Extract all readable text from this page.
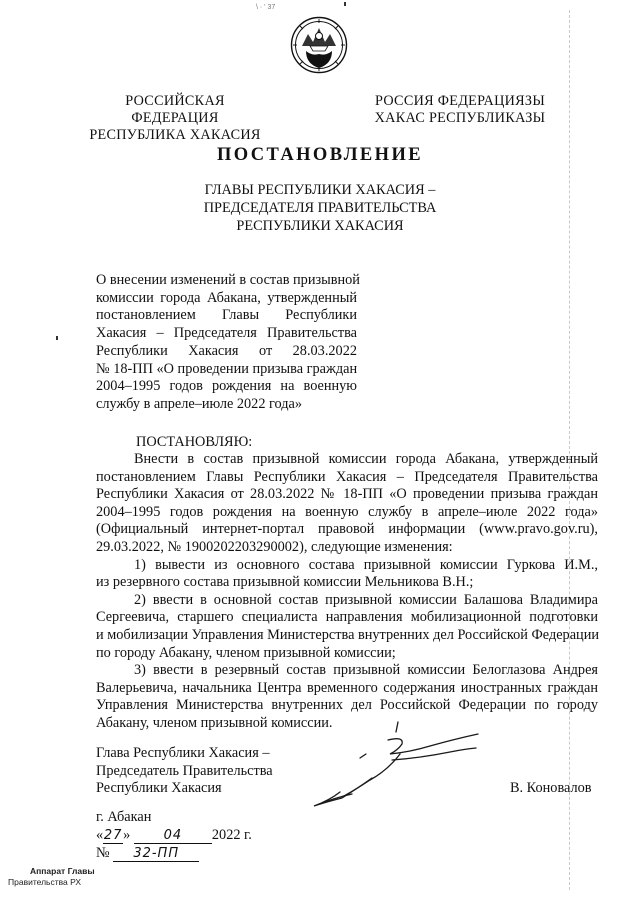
\ · ' 37
РОССИЙСКАЯ ФЕДЕРАЦИЯ
РЕСПУБЛИКА ХАКАСИЯ
РОССИЯ ФЕДЕРАЦИЯЗЫ
ХАКАС РЕСПУБЛИКАЗЫ
ПОСТАНОВЛЕНИЕ
ГЛАВЫ РЕСПУБЛИКИ ХАКАСИЯ –
ПРЕДСЕДАТЕЛЯ ПРАВИТЕЛЬСТВА
РЕСПУБЛИКИ ХАКАСИЯ
О внесении изменений в состав призывной
комиссии города Абакана, утвержденный
постановлением Главы Республики
Хакасия – Председателя Правительства
Республики Хакасия от 28.03.2022
№ 18-ПП «О проведении призыва граждан
2004–1995 годов рождения на военную
службу в апреле–июле 2022 года»
ПОСТАНОВЛЯЮ:
Внести в состав призывной комиссии города Абакана, утвержденный
постановлением Главы Республики Хакасия – Председателя Правительства
Республики Хакасия от 28.03.2022 № 18-ПП «О проведении призыва граждан
2004–1995 годов рождения на военную службу в апреле–июле 2022 года»
(Официальный интернет-портал правовой информации (www.pravo.gov.ru),
29.03.2022, № 1900202203290002), следующие изменения:
1) вывести из основного состава призывной комиссии Гуркова И.М.,
из резервного состава призывной комиссии Мельникова В.Н.;
2) ввести в основной состав призывной комиссии Балашова Владимира
Сергеевича, старшего специалиста направления мобилизационной подготовки
и мобилизации Управления Министерства внутренних дел Российской Федерации
по городу Абакану, членом призывной комиссии;
3) ввести в резервный состав призывной комиссии Белоглазова Андрея
Валерьевича, начальника Центра временного содержания иностранных граждан
Управления Министерства внутренних дел Российской Федерации по городу
Абакану, членом призывной комиссии.
Глава Республики Хакасия –
Председатель Правительства
Республики Хакасия	В. Коновалов
г. Абакан
«27»	04 2022 г.
№ 32-ПП
Аппарат Главы
Правительства РХ
